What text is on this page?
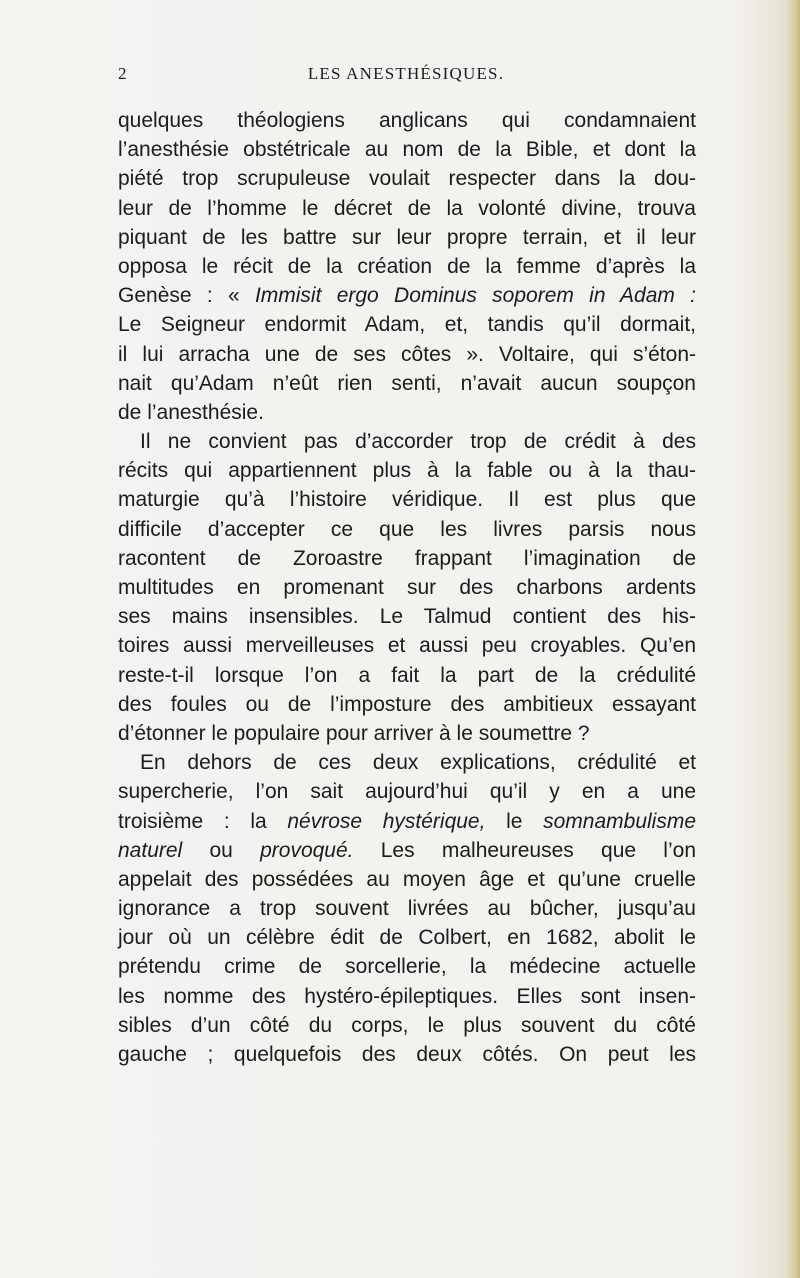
2	LES ANESTHÉSIQUES.
quelques théologiens anglicans qui condamnaient
l’anesthésie obstétricale au nom de la Bible, et dont la
piété trop scrupuleuse voulait respecter dans la dou-
leur de l’homme le décret de la volonté divine, trouva
piquant de les battre sur leur propre terrain, et il leur
opposa le récit de la création de la femme d’après la
Genèse : « Immisit ergo Dominus soporem in Adam :
Le Seigneur endormit Adam, et, tandis qu’il dormait,
il lui arracha une de ses côtes ». Voltaire, qui s’éton-
nait qu’Adam n’eût rien senti, n’avait aucun soupçon
de l’anesthésie.
Il ne convient pas d’accorder trop de crédit à des
récits qui appartiennent plus à la fable ou à la thau-
maturgie qu’à l’histoire véridique. Il est plus que
difficile d’accepter ce que les livres parsis nous
racontent de Zoroastre frappant l’imagination de
multitudes en promenant sur des charbons ardents
ses mains insensibles. Le Talmud contient des his-
toires aussi merveilleuses et aussi peu croyables. Qu’en
reste-t-il lorsque l’on a fait la part de la crédulité
des foules ou de l’imposture des ambitieux essayant
d’étonner le populaire pour arriver à le soumettre ?
En dehors de ces deux explications, crédulité et
supercherie, l’on sait aujourd’hui qu’il y en a une
troisième : la névrose hystérique, le somnambulisme
naturel ou provoqué. Les malheureuses que l’on
appelait des possédées au moyen âge et qu’une cruelle
ignorance a trop souvent livrées au bûcher, jusqu’au
jour où un célèbre édit de Colbert, en 1682, abolit le
prétendu crime de sorcellerie, la médecine actuelle
les nomme des hystéro-épileptiques. Elles sont insen-
sibles d’un côté du corps, le plus souvent du côté
gauche ; quelquefois des deux côtés. On peut les
